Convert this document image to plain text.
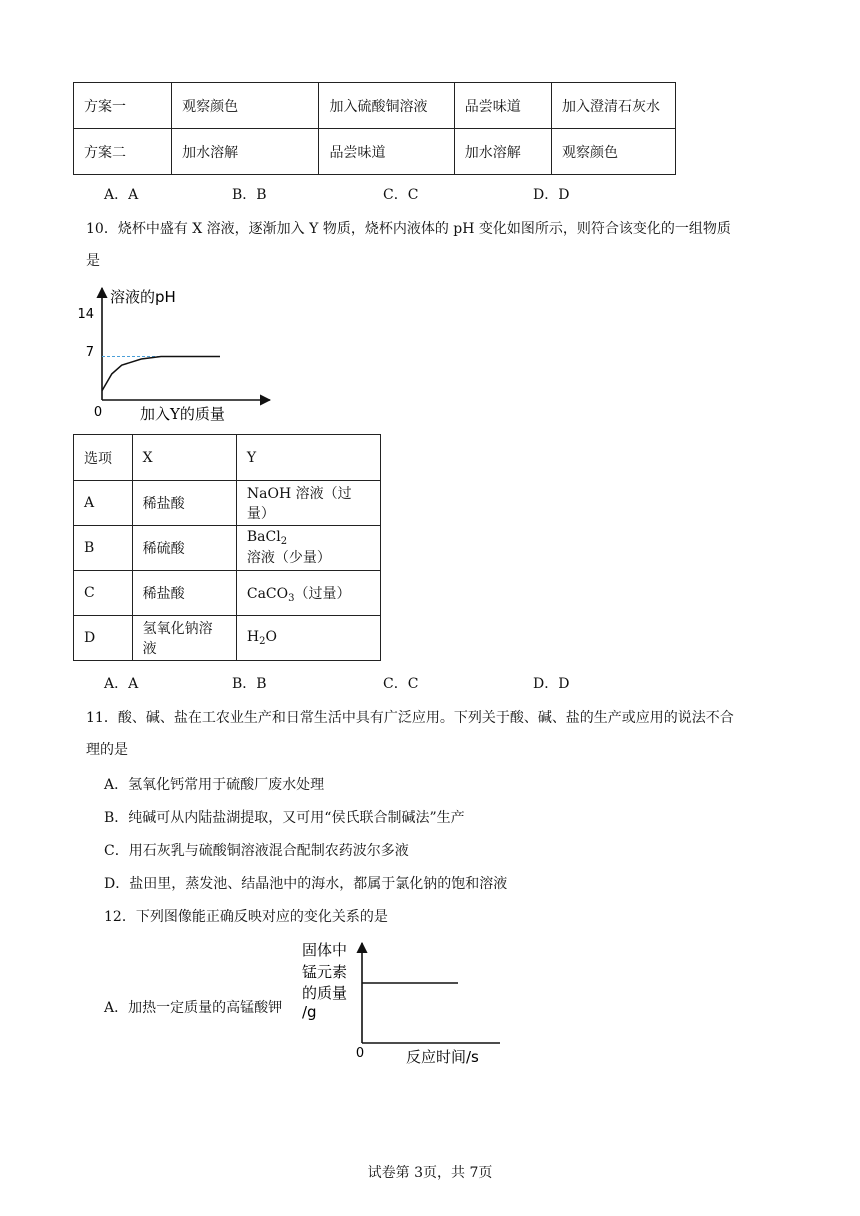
方案一	观察颜色	加入硫酸铜溶液	品尝味道	加入澄清石灰水
方案二	加水溶解	品尝味道	加水溶解	观察颜色
A．A	B．B	C．C	D．D
10．烧杯中盛有 X 溶液，逐渐加入 Y 物质，烧杯内液体的 pH 变化如图所示，则符合该变化的一组物质
是
溶液的pH
加入Y的质量
0
14
7
选项	X	Y
A	稀盐酸	NaOH 溶液（过量）
B	稀硫酸	BaCl$_2$ 溶液（少量）
C	稀盐酸	CaCO$_3$（过量）
D	氢氧化钠溶液	$H_2O$
A．A	B．B	C．C	D．D
11．酸、碱、盐在工农业生产和日常生活中具有广泛应用。下列关于酸、碱、盐的生产或应用的说法不合
理的是
A．氢氧化钙常用于硫酸厂废水处理
B．纯碱可从内陆盐湖提取，又可用“侯氏联合制碱法”生产
C．用石灰乳与硫酸铜溶液混合配制农药波尔多液
D．盐田里，蒸发池、结晶池中的海水，都属于氯化钠的饱和溶液
12．下列图像能正确反映对应的变化关系的是
A．加热一定质量的高锰酸钾
固体中
锰元素
的质量
/g
0	反应时间/s
试卷第 3页，共 7页
